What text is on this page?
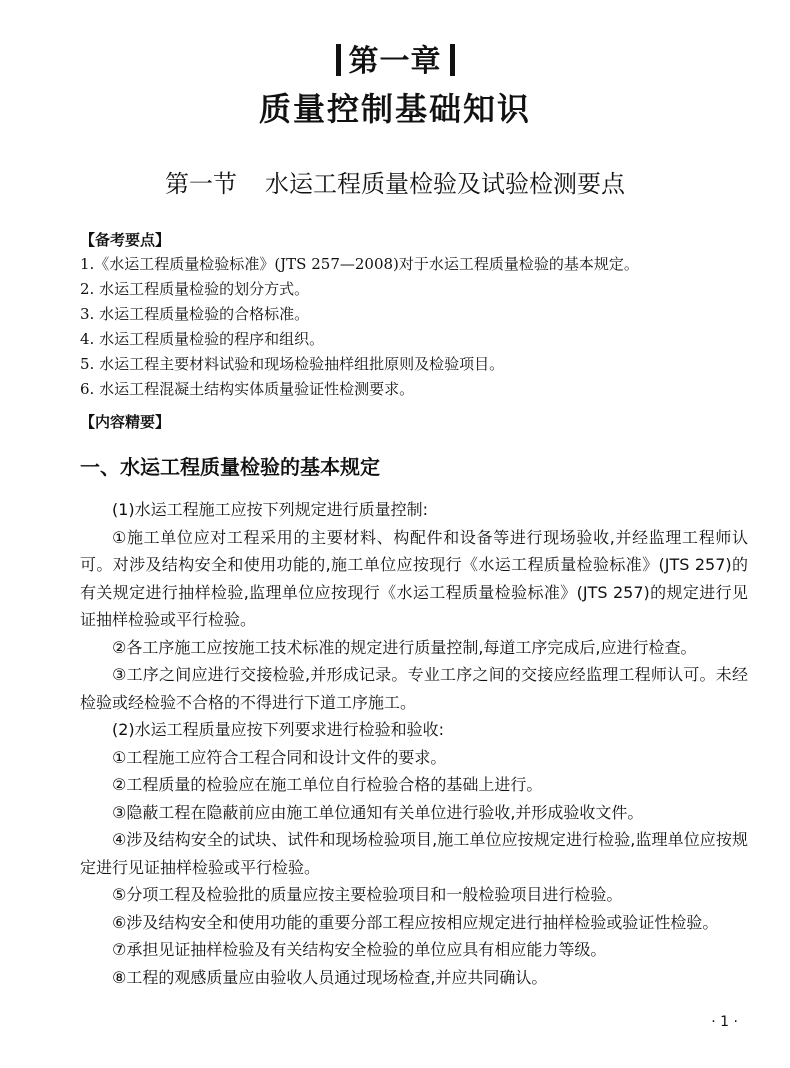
第一章
质量控制基础知识
第一节 水运工程质量检验及试验检测要点
【备考要点】
1.《水运工程质量检验标准》(JTS 257—2008)对于水运工程质量检验的基本规定。
2. 水运工程质量检验的划分方式。
3. 水运工程质量检验的合格标准。
4. 水运工程质量检验的程序和组织。
5. 水运工程主要材料试验和现场检验抽样组批原则及检验项目。
6. 水运工程混凝土结构实体质量验证性检测要求。
【内容精要】
一、水运工程质量检验的基本规定

(1)水运工程施工应按下列规定进行质量控制:

①施工单位应对工程采用的主要材料、构配件和设备等进行现场验收,并经监理工程师认可。对涉及结构安全和使用功能的,施工单位应按现行《水运工程质量检验标准》(JTS 257)的有关规定进行抽样检验,监理单位应按现行《水运工程质量检验标准》(JTS 257)的规定进行见证抽样检验或平行检验。

②各工序施工应按施工技术标准的规定进行质量控制,每道工序完成后,应进行检查。

③工序之间应进行交接检验,并形成记录。专业工序之间的交接应经监理工程师认可。未经检验或经检验不合格的不得进行下道工序施工。

(2)水运工程质量应按下列要求进行检验和验收:

①工程施工应符合工程合同和设计文件的要求。

②工程质量的检验应在施工单位自行检验合格的基础上进行。

③隐蔽工程在隐蔽前应由施工单位通知有关单位进行验收,并形成验收文件。

④涉及结构安全的试块、试件和现场检验项目,施工单位应按规定进行检验,监理单位应按规定进行见证抽样检验或平行检验。

⑤分项工程及检验批的质量应按主要检验项目和一般检验项目进行检验。

⑥涉及结构安全和使用功能的重要分部工程应按相应规定进行抽样检验或验证性检验。

⑦承担见证抽样检验及有关结构安全检验的单位应具有相应能力等级。

⑧工程的观感质量应由验收人员通过现场检查,并应共同确认。

· 1 ·
